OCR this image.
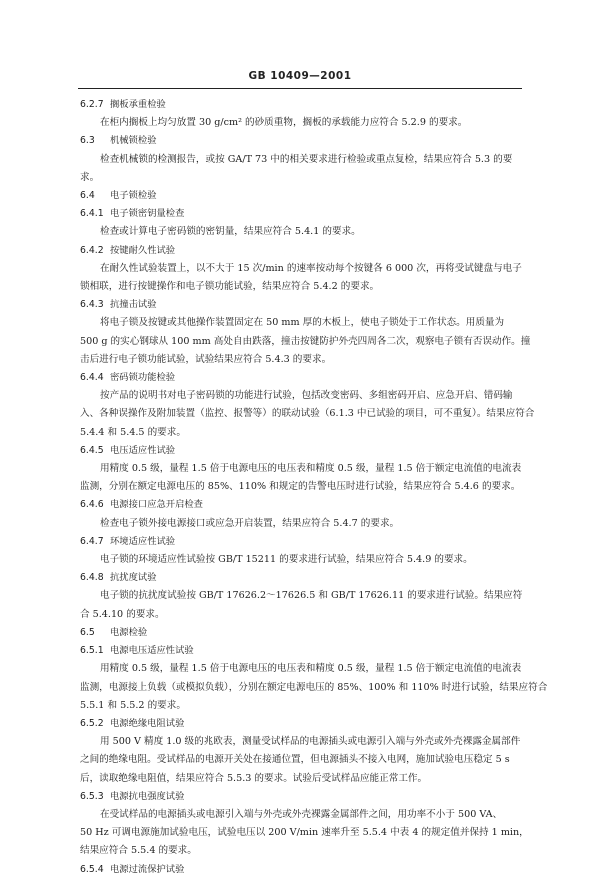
GB 10409—2001
6.2.7 搁板承重检验
在柜内搁板上均匀放置 30 g/cm² 的砂质重物，搁板的承载能力应符合 5.2.9 的要求。
6.3 机械锁检验
检查机械锁的检测报告，或按 GA/T 73 中的相关要求进行检验或重点复检，结果应符合 5.3 的要
求。
6.4 电子锁检验
6.4.1 电子锁密钥量检查
检查或计算电子密码锁的密钥量，结果应符合 5.4.1 的要求。
6.4.2 按键耐久性试验
在耐久性试验装置上，以不大于 15 次/min 的速率按动每个按键各 6 000 次，再将受试键盘与电子
锁相联，进行按键操作和电子锁功能试验，结果应符合 5.4.2 的要求。
6.4.3 抗撞击试验
将电子锁及按键或其他操作装置固定在 50 mm 厚的木板上，使电子锁处于工作状态。用质量为
500 g 的实心钢球从 100 mm 高处自由跌落，撞击按键防护外壳四周各二次，观察电子锁有否误动作。撞
击后进行电子锁功能试验，试验结果应符合 5.4.3 的要求。
6.4.4 密码锁功能检验
按产品的说明书对电子密码锁的功能进行试验，包括改变密码、多组密码开启、应急开启、错码输
入、各种误操作及附加装置（监控、报警等）的联动试验（6.1.3 中已试验的项目，可不重复）。结果应符合
5.4.4 和 5.4.5 的要求。
6.4.5 电压适应性试验
用精度 0.5 级，量程 1.5 倍于电源电压的电压表和精度 0.5 级，量程 1.5 倍于额定电流值的电流表
监测，分别在额定电源电压的 85%、110% 和规定的告警电压时进行试验，结果应符合 5.4.6 的要求。
6.4.6 电源接口应急开启检查
检查电子锁外接电源接口或应急开启装置，结果应符合 5.4.7 的要求。
6.4.7 环境适应性试验
电子锁的环境适应性试验按 GB/T 15211 的要求进行试验，结果应符合 5.4.9 的要求。
6.4.8 抗扰度试验
电子锁的抗扰度试验按 GB/T 17626.2～17626.5 和 GB/T 17626.11 的要求进行试验。结果应符
合 5.4.10 的要求。
6.5 电源检验
6.5.1 电源电压适应性试验
用精度 0.5 级，量程 1.5 倍于电源电压的电压表和精度 0.5 级，量程 1.5 倍于额定电流值的电流表
监测，电源接上负载（或模拟负载），分别在额定电源电压的 85%、100% 和 110% 时进行试验，结果应符合
5.5.1 和 5.5.2 的要求。
6.5.2 电源绝缘电阻试验
用 500 V 精度 1.0 级的兆欧表，测量受试样品的电源插头或电源引入端与外壳或外壳裸露金属部件
之间的绝缘电阻。受试样品的电源开关处在接通位置，但电源插头不接入电网，施加试验电压稳定 5 s
后，读取绝缘电阻值，结果应符合 5.5.3 的要求。试验后受试样品应能正常工作。
6.5.3 电源抗电强度试验
在受试样品的电源插头或电源引入端与外壳或外壳裸露金属部件之间，用功率不小于 500 VA、
50 Hz 可调电源施加试验电压，试验电压以 200 V/min 速率升至 5.5.4 中表 4 的规定值并保持 1 min，
结果应符合 5.5.4 的要求。
6.5.4 电源过流保护试验
